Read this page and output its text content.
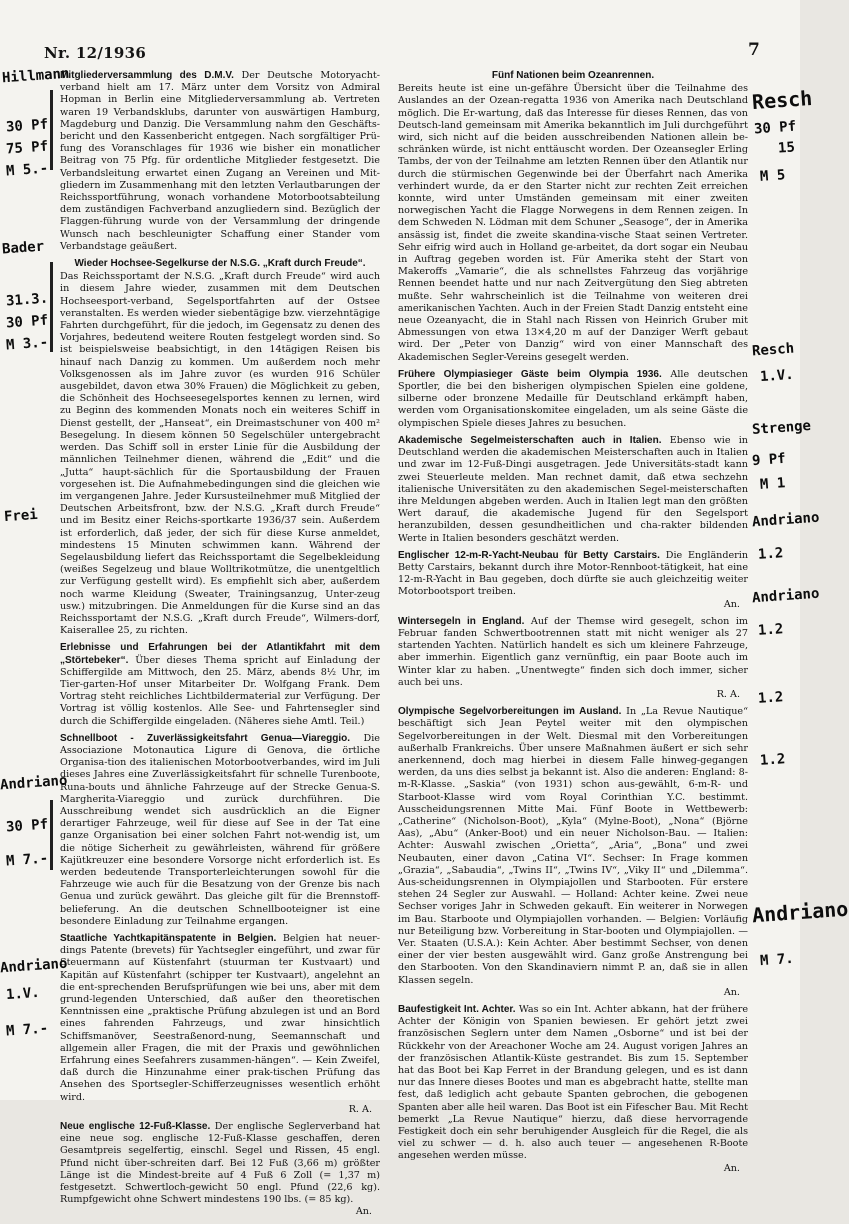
Nr. 12/1936	7

Mitgliederversammlung des D.M.V. Der Deutsche Motoryacht-verband hielt am 17. März unter dem Vorsitz von Admiral Hopman in Berlin eine Mitgliederversammlung ab. Vertreten waren 19 Verbandsklubs, darunter von auswärtigen Hamburg, Magdeburg und Danzig. Die Versammlung nahm den Geschäfts-bericht und den Kassenbericht entgegen. Nach sorgfältiger Prü-fung des Voranschlages für 1936 wie bisher ein monatlicher Beitrag von 75 Pfg. für ordentliche Mitglieder festgesetzt. Die Verbandsleitung erwartet einen Zugang an Vereinen und Mit-gliedern im Zusammenhang mit den letzten Verlautbarungen der Reichssportführung, wonach vorhandene Motorbootsabteilung dem zuständigen Fachverband anzugliedern sind. Bezüglich der Flaggen-führung wurde von der Versammlung der dringende Wunsch nach beschleunigter Schaffung einer Stander vom Verbandstage geäußert.

Wieder Hochsee-Segelkurse der N.S.G. „Kraft durch Freude“.
Das Reichssportamt der N.S.G. „Kraft durch Freude“ wird auch in diesem Jahre wieder, zusammen mit dem Deutschen Hochseesport-verband, Segelsportfahrten auf der Ostsee veranstalten. Es werden wieder siebentägige bzw. vierzehntägige Fahrten durchgeführt, für die jedoch, im Gegensatz zu denen des Vorjahres, bedeutend weitere Routen festgelegt worden sind. So ist beispielsweise beabsichtigt, in den 14tägigen Reisen bis hinauf nach Danzig zu kommen. Um außerdem noch mehr Volksgenossen als im Jahre zuvor (es wurden 916 Schüler ausgebildet, davon etwa 30% Frauen) die Möglichkeit zu geben, die Schönheit des Hochseesegelsportes kennen zu lernen, wird zu Beginn des kommenden Monats noch ein weiteres Schiff in Dienst gestellt, der „Hanseat“, ein Dreimastschuner von 400 m² Besegelung. In diesem können 50 Segelschüler untergebracht werden. Das Schiff soll in erster Linie für die Ausbildung der männlichen Teilnehmer dienen, während die „Edit“ und die „Jutta“ haupt-sächlich für die Sportausbildung der Frauen vorgesehen ist. Die Aufnahmebedingungen sind die gleichen wie im vergangenen Jahre. Jeder Kursusteilnehmer muß Mitglied der Deutschen Arbeitsfront, bzw. der N.S.G. „Kraft durch Freude“ und im Besitz einer Reichs-sportkarte 1936/37 sein. Außerdem ist erforderlich, daß jeder, der sich für diese Kurse anmeldet, mindestens 15 Minuten schwimmen kann. Während der Segelausbildung liefert das Reichssportamt die Segelbekleidung (weißes Segelzeug und blaue Wolltrikotmütze, die unentgeltlich zur Verfügung gestellt wird). Es empfiehlt sich aber, außerdem noch warme Kleidung (Sweater, Trainingsanzug, Unter-zeug usw.) mitzubringen. Die Anmeldungen für die Kurse sind an das Reichssportamt der N.S.G. „Kraft durch Freude“, Wilmers-dorf, Kaiserallee 25, zu richten.

Erlebnisse und Erfahrungen bei der Atlantikfahrt mit dem „Störtebeker“. Über dieses Thema spricht auf Einladung der Schiffergilde am Mittwoch, den 25. März, abends 8½ Uhr, im Tier-garten-Hof unser Mitarbeiter Dr. Wolfgang Frank. Dem Vortrag steht reichliches Lichtbildermaterial zur Verfügung. Der Vortrag ist völlig kostenlos. Alle See- und Fahrtensegler sind durch die Schiffergilde eingeladen. (Näheres siehe Amtl. Teil.)

Schnellboot - Zuverlässigkeitsfahrt Genua—Viareggio. Die Associazione Motonautica Ligure di Genova, die örtliche Organisa-tion des italienischen Motorbootverbandes, wird im Juli dieses Jahres eine Zuverlässigkeitsfahrt für schnelle Turenboote, Runa-bouts und ähnliche Fahrzeuge auf der Strecke Genua-S. Margherita-Viareggio und zurück durchführen. Die Ausschreibung wendet sich ausdrücklich an die Eigner derartiger Fahrzeuge, weil für diese auf See in der Tat eine ganze Organisation bei einer solchen Fahrt not-wendig ist, um die nötige Sicherheit zu gewährleisten, während für größere Kajütkreuzer eine besondere Vorsorge nicht erforderlich ist. Es werden bedeutende Transporterleichterungen sowohl für die Fahrzeuge wie auch für die Besatzung von der Grenze bis nach Genua und zurück gewährt. Das gleiche gilt für die Brennstoff-belieferung. An die deutschen Schnellbooteigner ist eine besondere Einladung zur Teilnahme ergangen.

Staatliche Yachtkapitänspatente in Belgien. Belgien hat neuer-dings Patente (brevets) für Yachtsegler eingeführt, und zwar für Steuermann auf Küstenfahrt (stuurman ter Kustvaart) und Kapitän auf Küstenfahrt (schipper ter Kustvaart), angelehnt an die ent-sprechenden Berufsprüfungen wie bei uns, aber mit dem grund-legenden Unterschied, daß außer den theoretischen Kenntnissen eine „praktische Prüfung abzulegen ist und an Bord eines fahrenden Fahrzeugs, und zwar hinsichtlich Schiffsmanöver, Seestraßenord-nung, Seemannschaft und allgemein aller Fragen, die mit der Praxis und gewöhnlichen Erfahrung eines Seefahrers zusammen-hängen“. — Kein Zweifel, daß durch die Hinzunahme einer prak-tischen Prüfung das Ansehen des Sportsegler-Schifferzeugnisses wesentlich erhöht wird.
R. A.

Neue englische 12-Fuß-Klasse. Der englische Seglerverband hat eine neue sog. englische 12-Fuß-Klasse geschaffen, deren Gesamtpreis segelfertig, einschl. Segel und Rissen, 45 engl. Pfund nicht über-schreiten darf. Bei 12 Fuß (3,66 m) größter Länge ist die Mindest-breite auf 4 Fuß 6 Zoll (= 1,37 m) festgesetzt. Schwertloch-gewicht 50 engl. Pfund (22,6 kg). Rumpfgewicht ohne Schwert mindestens 190 lbs. (= 85 kg).
An.

Fünf Nationen beim Ozeanrennen.
Bereits heute ist eine un-gefähre Übersicht über die Teilnahme des Auslandes an der Ozean-regatta 1936 von Amerika nach Deutschland möglich. Die Er-wartung, daß das Interesse für dieses Rennen, das von Deutsch-land gemeinsam mit Amerika bekanntlich im Juli durchgeführt wird, sich nicht auf die beiden ausschreibenden Nationen allein be-schränken würde, ist nicht enttäuscht worden. Der Ozeansegler Erling Tambs, der von der Teilnahme am letzten Rennen über den Atlantik nur durch die stürmischen Gegenwinde bei der Überfahrt nach Amerika verhindert wurde, da er den Starter nicht zur rechten Zeit erreichen konnte, wird unter Umständen gemeinsam mit einer zweiten norwegischen Yacht die Flagge Norwegens in dem Rennen zeigen. In dem Schweden N. Lödman mit dem Schuner „Seasoge“, der in Amerika ansässig ist, findet die zweite skandina-vische Staat seinen Vertreter. Sehr eifrig wird auch in Holland ge-arbeitet, da dort sogar ein Neubau in Auftrag gegeben worden ist. Für Amerika steht der Start von Makeroffs „Vamarie“, die als schnellstes Fahrzeug das vorjährige Rennen beendet hatte und nur nach Zeitvergütung den Sieg abtreten mußte. Sehr wahrscheinlich ist die Teilnahme von weiteren drei amerikanischen Yachten. Auch in der Freien Stadt Danzig entsteht eine neue Ozeanyacht, die in Stahl nach Rissen von Heinrich Gruber mit Abmessungen von etwa 13×4,20 m auf der Danziger Werft gebaut wird. Der „Peter von Danzig“ wird von einer Mannschaft des Akademischen Segler-Vereins gesegelt werden.

Frühere Olympiasieger Gäste beim Olympia 1936. Alle deutschen Sportler, die bei den bisherigen olympischen Spielen eine goldene, silberne oder bronzene Medaille für Deutschland erkämpft haben, werden vom Organisationskomitee eingeladen, um als seine Gäste die olympischen Spiele dieses Jahres zu besuchen.

Akademische Segelmeisterschaften auch in Italien. Ebenso wie in Deutschland werden die akademischen Meisterschaften auch in Italien und zwar im 12-Fuß-Dingi ausgetragen. Jede Universitäts-stadt kann zwei Steuerleute melden. Man rechnet damit, daß etwa sechzehn italienische Universitäten zu den akademischen Segel-meisterschaften ihre Meldungen abgeben werden. Auch in Italien legt man den größten Wert darauf, die akademische Jugend für den Segelsport heranzubilden, dessen gesundheitlichen und cha-rakter bildenden Werte in Italien besonders geschätzt werden.

Englischer 12-m-R-Yacht-Neubau für Betty Carstairs. Die Engländerin Betty Carstairs, bekannt durch ihre Motor-Rennboot-tätigkeit, hat eine 12-m-R-Yacht in Bau gegeben, doch dürfte sie auch gleichzeitig weiter Motorbootsport treiben.
An.

Wintersegeln in England. Auf der Themse wird gesegelt, schon im Februar fanden Schwertbootrennen statt mit nicht weniger als 27 startenden Yachten. Natürlich handelt es sich um kleinere Fahrzeuge, aber immerhin. Eigentlich ganz vernünftig, ein paar Boote auch im Winter klar zu haben. „Unentwegte“ finden sich doch immer, sicher auch bei uns.
R. A.

Olympische Segelvorbereitungen im Ausland. In „La Revue Nautique“ beschäftigt sich Jean Peytel weiter mit den olympischen Segelvorbereitungen in der Welt. Diesmal mit den Vorbereitungen außerhalb Frankreichs. Über unsere Maßnahmen äußert er sich sehr anerkennend, doch mag hierbei in diesem Falle hinweg-gegangen werden, da uns dies selbst ja bekannt ist. Also die anderen: England: 8-m-R-Klasse. „Saskia“ (von 1931) schon aus-gewählt, 6-m-R- und Starboot-Klasse wird vom Royal Corinthian Y.C. bestimmt. Ausscheidungsrennen Mitte Mai. Fünf Boote in Wettbewerb: „Catherine“ (Nicholson-Boot), „Kyla“ (Mylne-Boot), „Nona“ (Björne Aas), „Abu“ (Anker-Boot) und ein neuer Nicholson-Bau. — Italien: Achter: Auswahl zwischen „Orietta“, „Aria“, „Bona“ und zwei Neubauten, einer davon „Catina VI“. Sechser: In Frage kommen „Grazia“, „Sabaudia“, „Twins II“, „Twins IV“, „Viky II“ und „Dilemma“. Aus-scheidungsrennen in Olympiajollen und Starbooten. Für erstere stehen 24 Segler zur Auswahl. — Holland: Achter keine. Zwei neue Sechser voriges Jahr in Schweden gekauft. Ein weiterer in Norwegen im Bau. Starboote und Olympiajollen vorhanden. — Belgien: Vorläufig nur Beteiligung bzw. Vorbereitung in Star-booten und Olympiajollen. — Ver. Staaten (U.S.A.): Kein Achter. Aber bestimmt Sechser, von denen einer der vier besten ausgewählt wird. Ganz große Anstrengung bei den Starbooten. Von den Skandinaviern nimmt P. an, daß sie in allen Klassen segeln.
An.

Baufestigkeit Int. Achter. Was so ein Int. Achter abkann, hat der frühere Achter der Königin von Spanien bewiesen. Er gehört jetzt zwei französischen Seglern unter dem Namen „Osborne“ und ist bei der Rückkehr von der Areachoner Woche am 24. August vorigen Jahres an der französischen Atlantik-Küste gestrandet. Bis zum 15. September hat das Boot bei Kap Ferret in der Brandung gelegen, und es ist dann nur das Innere dieses Bootes und man es abgebracht hatte, stellte man fest, daß lediglich acht gebaute Spanten gebrochen, die gebogenen Spanten aber alle heil waren. Das Boot ist ein Fifescher Bau. Mit Recht bemerkt „La Revue Nautique“ hierzu, daß diese hervorragende Festigkeit doch ein sehr beruhigender Ausgleich für die Regel, die als viel zu schwer — d. h. also auch teuer — angesehenen R-Boote angesehen werden müsse.
An.

Hillmann
30 Pf
75 Pf
M 5.-
Bader
31.3.
30 Pf
M 3.-
Frei
Andriano
30 Pf
M 7.-
Andriano
1.V.
M 7.-
Resch
30 Pf
15
M 5
Resch
1.V.
Strenge
9 Pf
M 1
Andriano
1.2
Andriano
1.2
1.2
1.2
Andriano
M 7.
